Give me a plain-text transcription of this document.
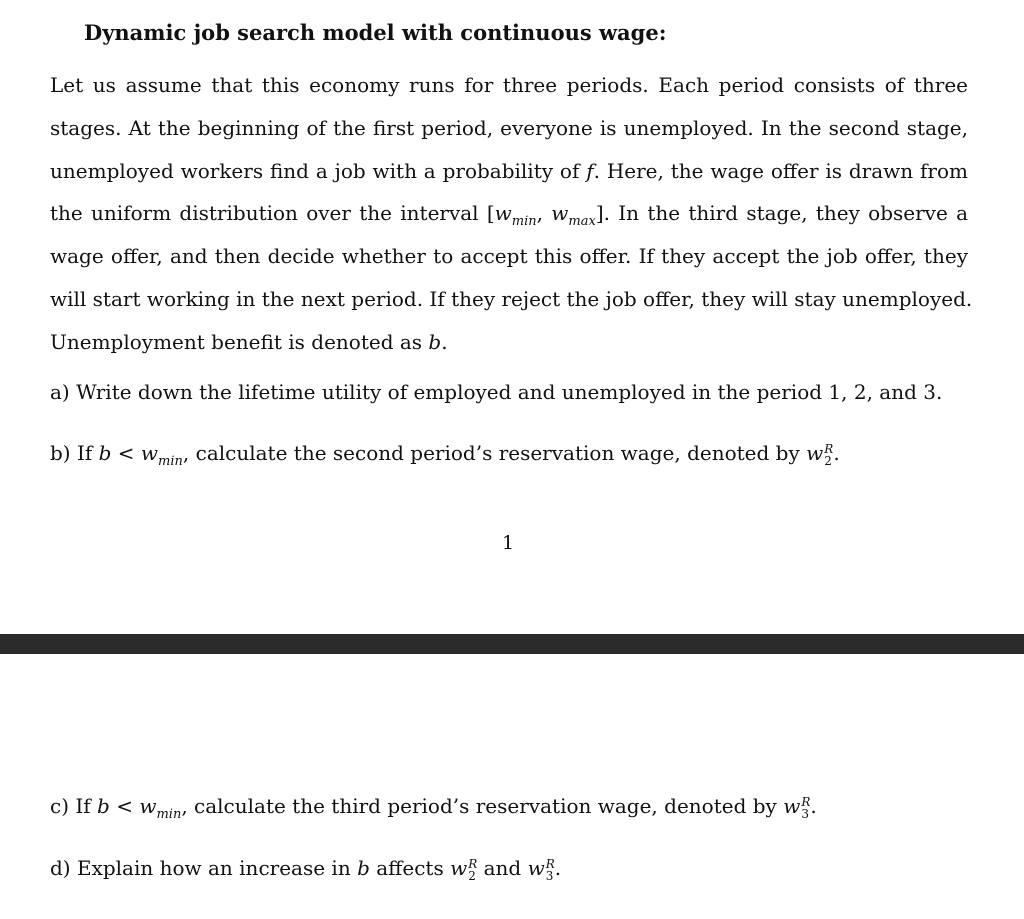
Dynamic job search model with continuous wage:
Let us assume that this economy runs for three periods. Each period consists of three
stages. At the beginning of the first period, everyone is unemployed. In the second stage,
unemployed workers find a job with a probability of f. Here, the wage offer is drawn from
the uniform distribution over the interval [$w_{min}$, $w_{max}$]. In the third stage, they observe a
wage offer, and then decide whether to accept this offer. If they accept the job offer, they
will start working in the next period. If they reject the job offer, they will stay unemployed.
Unemployment benefit is denoted as b.

a) Write down the lifetime utility of employed and unemployed in the period 1, 2, and 3.

b) If $b < w_{min}$, calculate the second period’s reservation wage, denoted by w R
2 .

1

c) If $b < w_{min}$, calculate the third period’s reservation wage, denoted by w R
3 .

d) Explain how an increase in b affects w R
2 and w R
3 .
